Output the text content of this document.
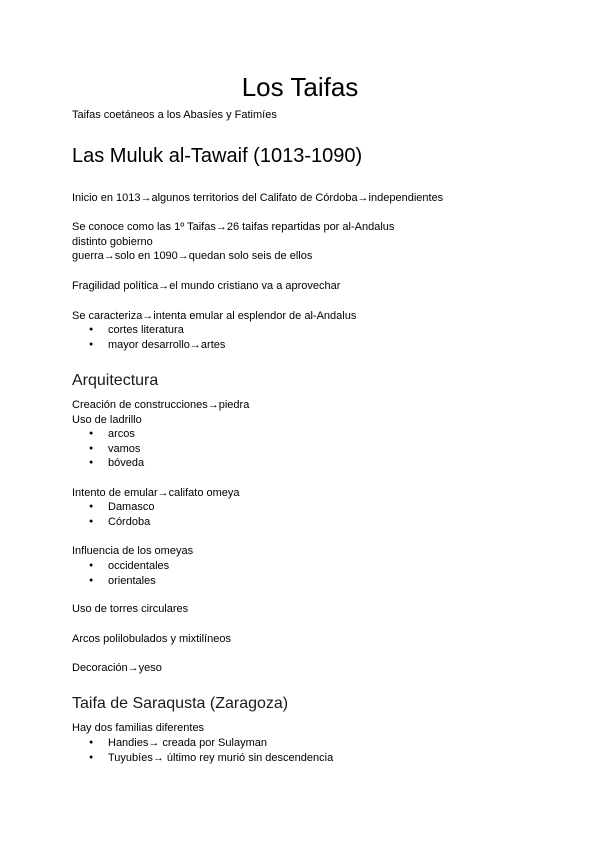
Los Taifas

Taifas coetáneos a los Abasíes y Fatimíes

Las Muluk al-Tawaif (1013-1090)

Inicio en 1013→algunos territorios del Califato de Córdoba→independientes

Se conoce como las 1º Taifas→26 taifas repartidas por al-Andalus
distinto gobierno
guerra→solo en 1090→quedan solo seis de ellos

Fragilidad política→el mundo cristiano va a aprovechar

Se caracteriza→intenta emular al esplendor de al-Andalus

● cortes literatura
● mayor desarrollo→artes
Arquitectura

Creación de construcciones→piedra

Uso de ladrillo

● arcos
● vamos
● bóveda

Intento de emular→califato omeya

● Damasco
● Córdoba

Influencia de los omeyas

● occidentales
● orientales

Uso de torres circulares

Arcos polilobulados y mixtilíneos

Decoración→yeso

Taifa de Saraqusta (Zaragoza)

Hay dos familias diferentes

● Handies→ creada por Sulayman
● Tuyubíes→ último rey murió sin descendencia
